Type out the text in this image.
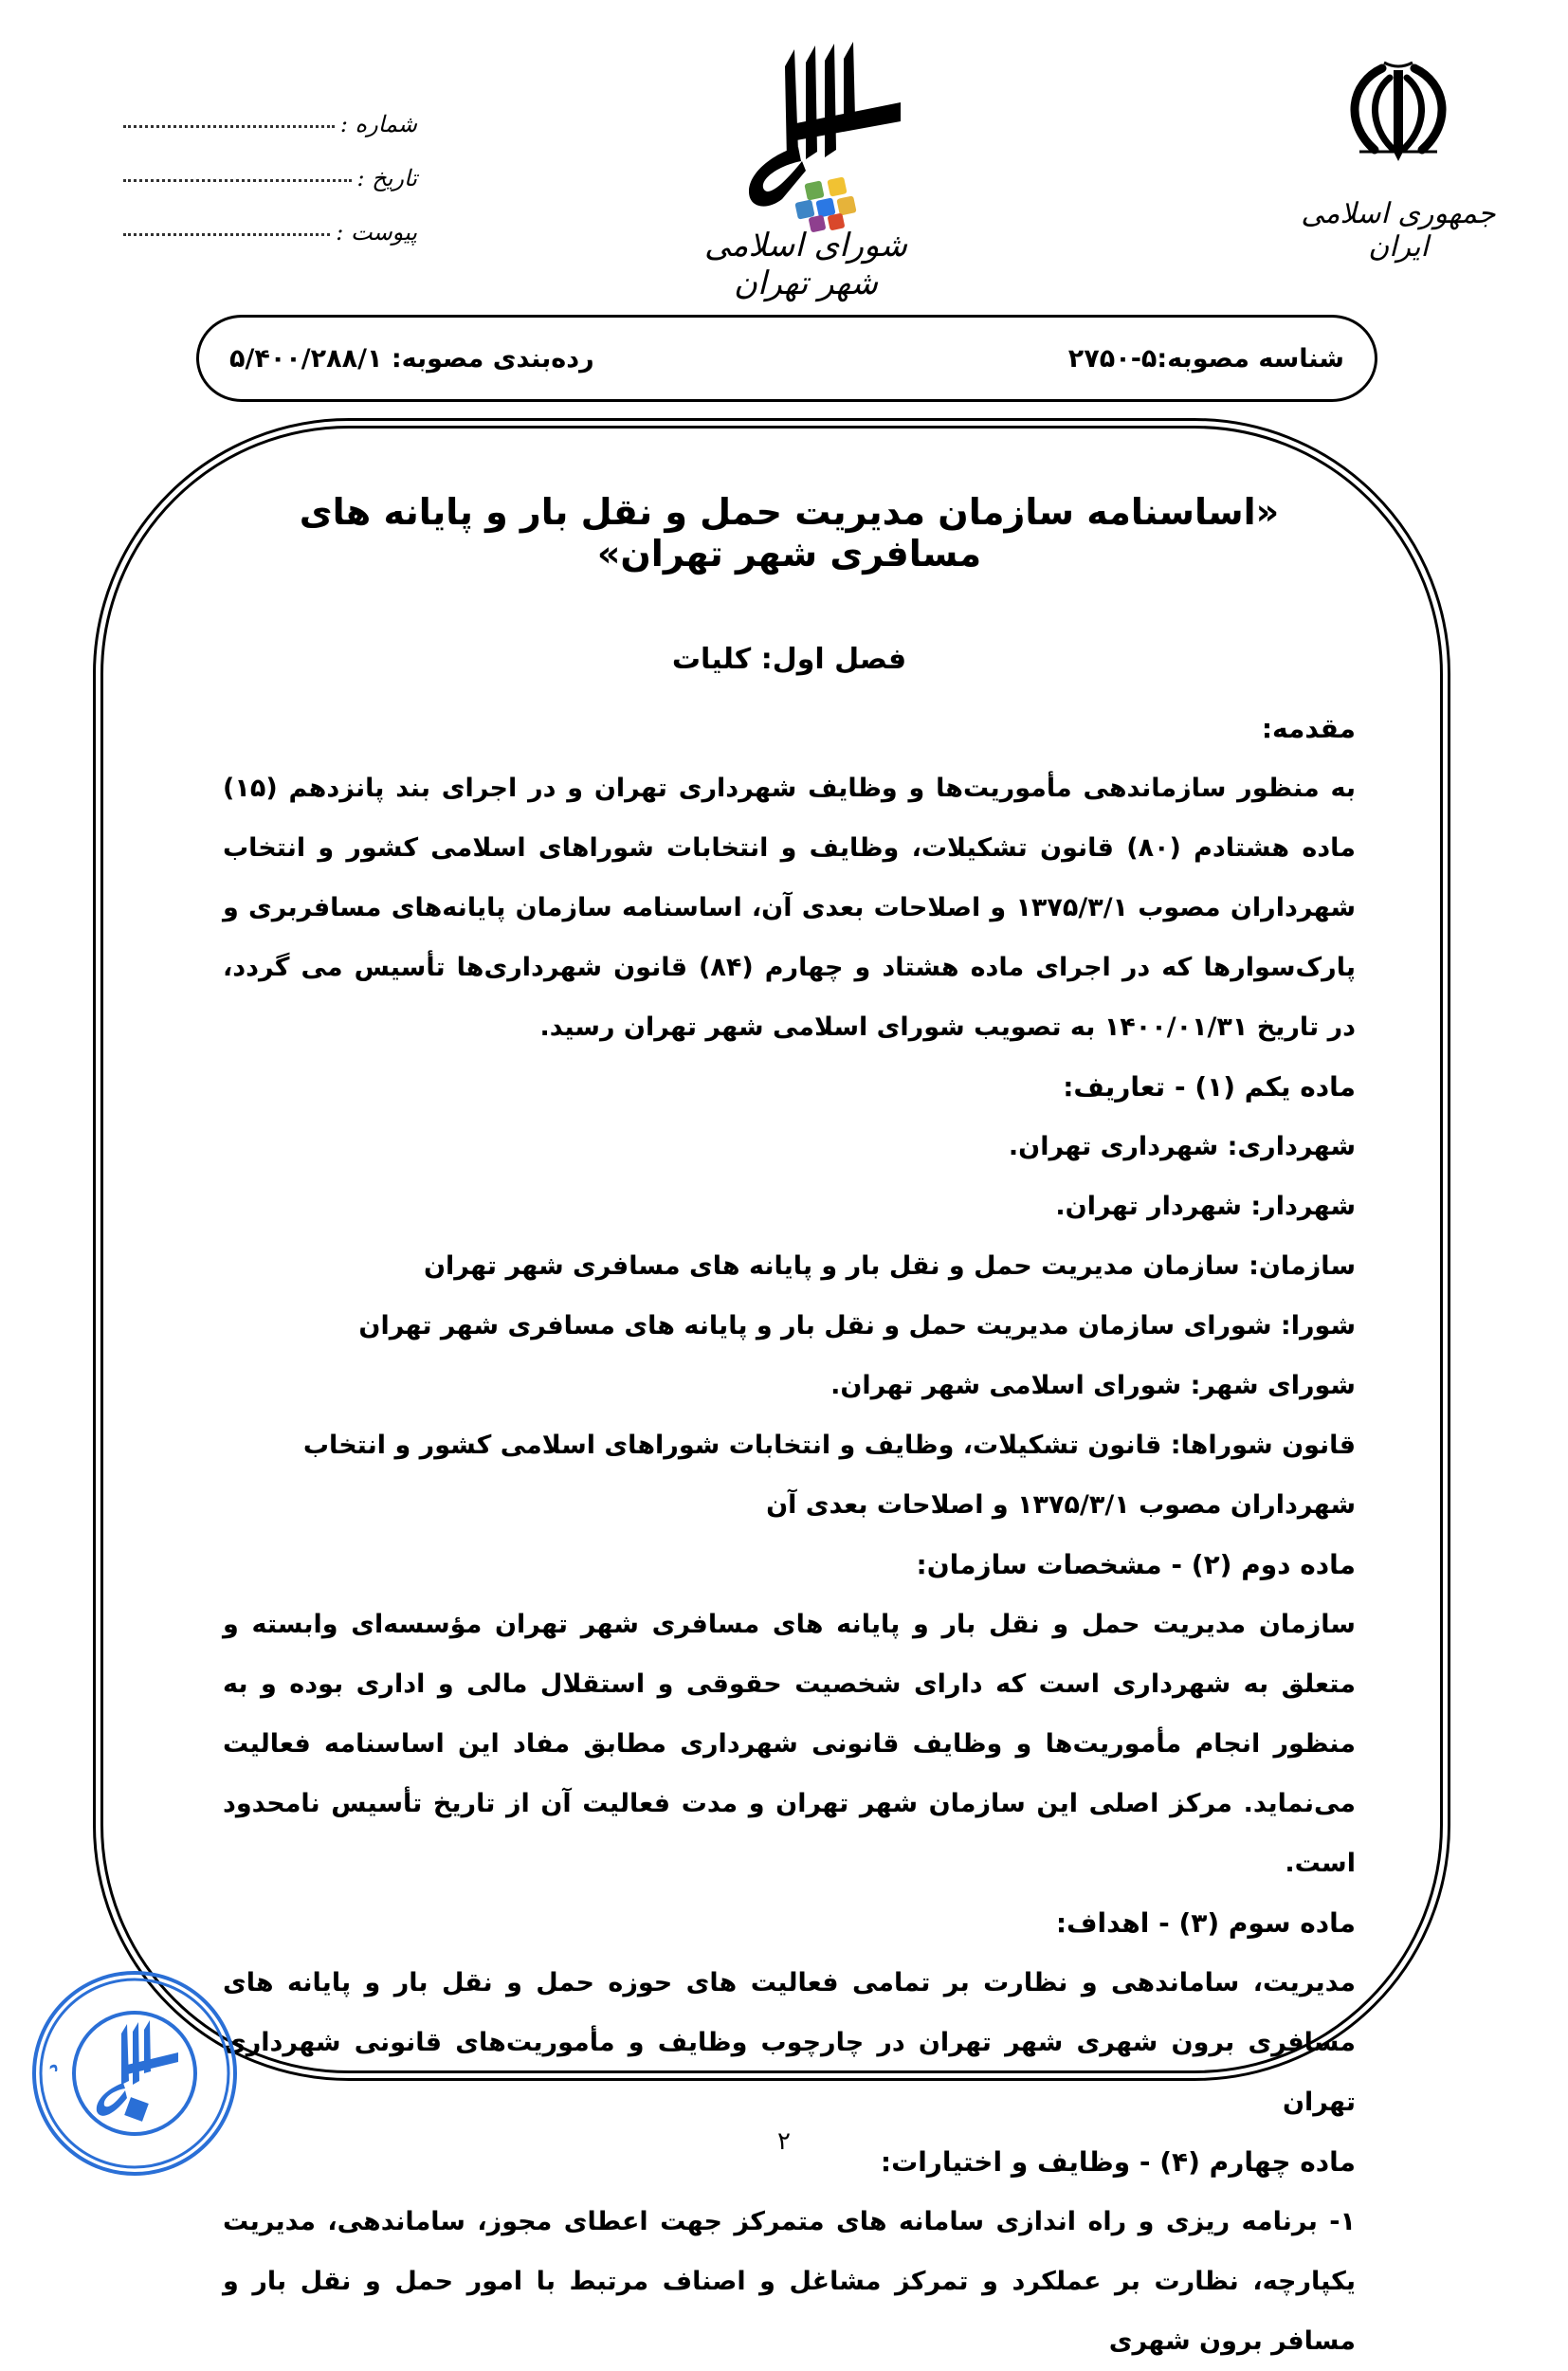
شماره :
تاریخ :
پیوست :	شورای اسلامی شهر تهران
جمهوری اسلامی ایران
شناسه مصوبه:۵-۲۷۵۰
رده‌بندی مصوبه: ۵/۴۰۰/۲۸۸/۱
«اساسنامه سازمان مدیریت حمل و نقل بار و پایانه های مسافری شهر تهران»
فصل اول: کلیات

مقدمه:

به منظور سازماندهی مأموریت‌ها و وظایف شهرداری تهران و در اجرای بند پانزدهم (۱۵) ماده هشتادم (۸۰) قانون تشکیلات، وظایف و انتخابات شوراهای اسلامی کشور و انتخاب شهرداران مصوب ۱۳۷۵/۳/۱ و اصلاحات بعدی آن، اساسنامه سازمان پایانه‌های مسافربری و پارک‌سوارها که در اجرای ماده هشتاد و چهارم (۸۴) قانون شهرداری‌ها تأسیس می گردد، در تاریخ ۱۴۰۰/۰۱/۳۱ به تصویب شورای اسلامی شهر تهران رسید.

ماده یکم (۱) - تعاریف:

شهرداری: شهرداری تهران.

شهردار: شهردار تهران.

سازمان: سازمان مدیریت حمل و نقل بار و پایانه های مسافری شهر تهران

شورا: شورای سازمان مدیریت حمل و نقل بار و پایانه های مسافری شهر تهران

شورای شهر: شورای اسلامی شهر تهران.

قانون شوراها: قانون تشکیلات، وظایف و انتخابات شوراهای اسلامی کشور و انتخاب شهرداران مصوب ۱۳۷۵/۳/۱ و اصلاحات بعدی آن

ماده دوم (۲) - مشخصات سازمان:

سازمان مدیریت حمل و نقل بار و پایانه های مسافری شهر تهران مؤسسه‌ای وابسته و متعلق به شهرداری است که دارای شخصیت حقوقی و استقلال مالی و اداری بوده و به منظور انجام مأموریت‌ها و وظایف قانونی شهرداری مطابق مفاد این اساسنامه فعالیت می‌نماید. مرکز اصلی این سازمان شهر تهران و مدت فعالیت آن از تاریخ تأسیس نامحدود است.

ماده سوم (۳) - اهداف:

مدیریت، ساماندهی و نظارت بر تمامی فعالیت های حوزه حمل و نقل بار و پایانه های مسافری برون شهری شهر تهران در چارچوب وظایف و مأموریت‌های قانونی شهرداری تهران

ماده چهارم (۴) - وظایف و اختیارات:

۱- برنامه ریزی و راه اندازی سامانه های متمرکز جهت اعطای مجوز، ساماندهی، مدیریت یکپارچه، نظارت بر عملکرد و تمرکز مشاغل و اصناف مرتبط با امور حمل و نقل بار و مسافر برون شهری

د
۲
